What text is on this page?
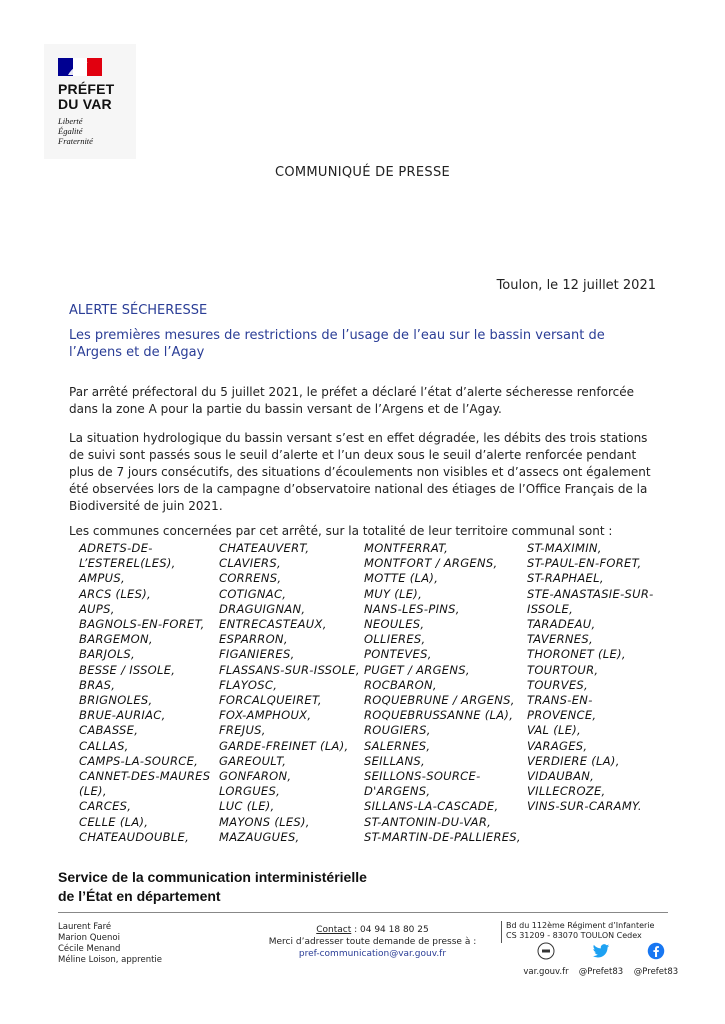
PRÉFET
DU VAR
Liberté
Égalité
Fraternité
COMMUNIQUÉ DE PRESSE
Toulon, le 12 juillet 2021
ALERTE SÉCHERESSE
Les premières mesures de restrictions de l’usage de l’eau sur le bassin versant de l’Argens et de l’Agay
Par arrêté préfectoral du 5 juillet 2021, le préfet a déclaré l’état d’alerte sécheresse renforcée dans la zone A pour la partie du bassin versant de l’Argens et de l’Agay.
La situation hydrologique du bassin versant s’est en effet dégradée, les débits des trois stations de suivi sont passés sous le seuil d’alerte et l’un deux sous le seuil d’alerte renforcée pendant plus de 7 jours consécutifs, des situations d’écoulements non visibles et d’assecs ont également été observées lors de la campagne d’observatoire national des étiages de l’Office Français de la Biodiversité de juin 2021.
Les communes concernées par cet arrêté, sur la totalité de leur territoire communal sont :
ADRETS-DE-
L’ESTEREL(LES),
AMPUS,
ARCS (LES),
AUPS,
BAGNOLS-EN-FORET,
BARGEMON,
BARJOLS,
BESSE / ISSOLE,
BRAS,
BRIGNOLES,
BRUE-AURIAC,
CABASSE,
CALLAS,
CAMPS-LA-SOURCE,
CANNET-DES-MAURES
(LE),
CARCES,
CELLE (LA),
CHATEAUDOUBLE,
CHATEAUVERT,
CLAVIERS,
CORRENS,
COTIGNAC,
DRAGUIGNAN,
ENTRECASTEAUX,
ESPARRON,
FIGANIERES,
FLASSANS-SUR-ISSOLE,
FLAYOSC,
FORCALQUEIRET,
FOX-AMPHOUX,
FREJUS,
GARDE-FREINET (LA),
GAREOULT,
GONFARON,
LORGUES,
LUC (LE),
MAYONS (LES),
MAZAUGUES,
MONTFERRAT,
MONTFORT / ARGENS,
MOTTE (LA),
MUY (LE),
NANS-LES-PINS,
NEOULES,
OLLIERES,
PONTEVES,
PUGET / ARGENS,
ROCBARON,
ROQUEBRUNE / ARGENS,
ROQUEBRUSSANNE (LA),
ROUGIERS,
SALERNES,
SEILLANS,
SEILLONS-SOURCE-
D'ARGENS,
SILLANS-LA-CASCADE,
ST-ANTONIN-DU-VAR,
ST-MARTIN-DE-PALLIERES,
ST-MAXIMIN,
ST-PAUL-EN-FORET,
ST-RAPHAEL,
STE-ANASTASIE-SUR-
ISSOLE,
TARADEAU,
TAVERNES,
THORONET (LE),
TOURTOUR,
TOURVES,
TRANS-EN-
PROVENCE,
VAL (LE),
VARAGES,
VERDIERE (LA),
VIDAUBAN,
VILLECROZE,
VINS-SUR-CARAMY.
Service de la communication interministérielle
de l’État en département
Laurent Faré
Marion Quenoi
Cécile Menand
Méline Loison, apprentie
Contact : 04 94 18 80 25
Merci d’adresser toute demande de presse à :
pref-communication@var.gouv.fr
Bd du 112ème Régiment d’Infanterie
CS 31209 - 83070 TOULON Cedex
var.gouv.fr	@Prefet83	@Prefet83
